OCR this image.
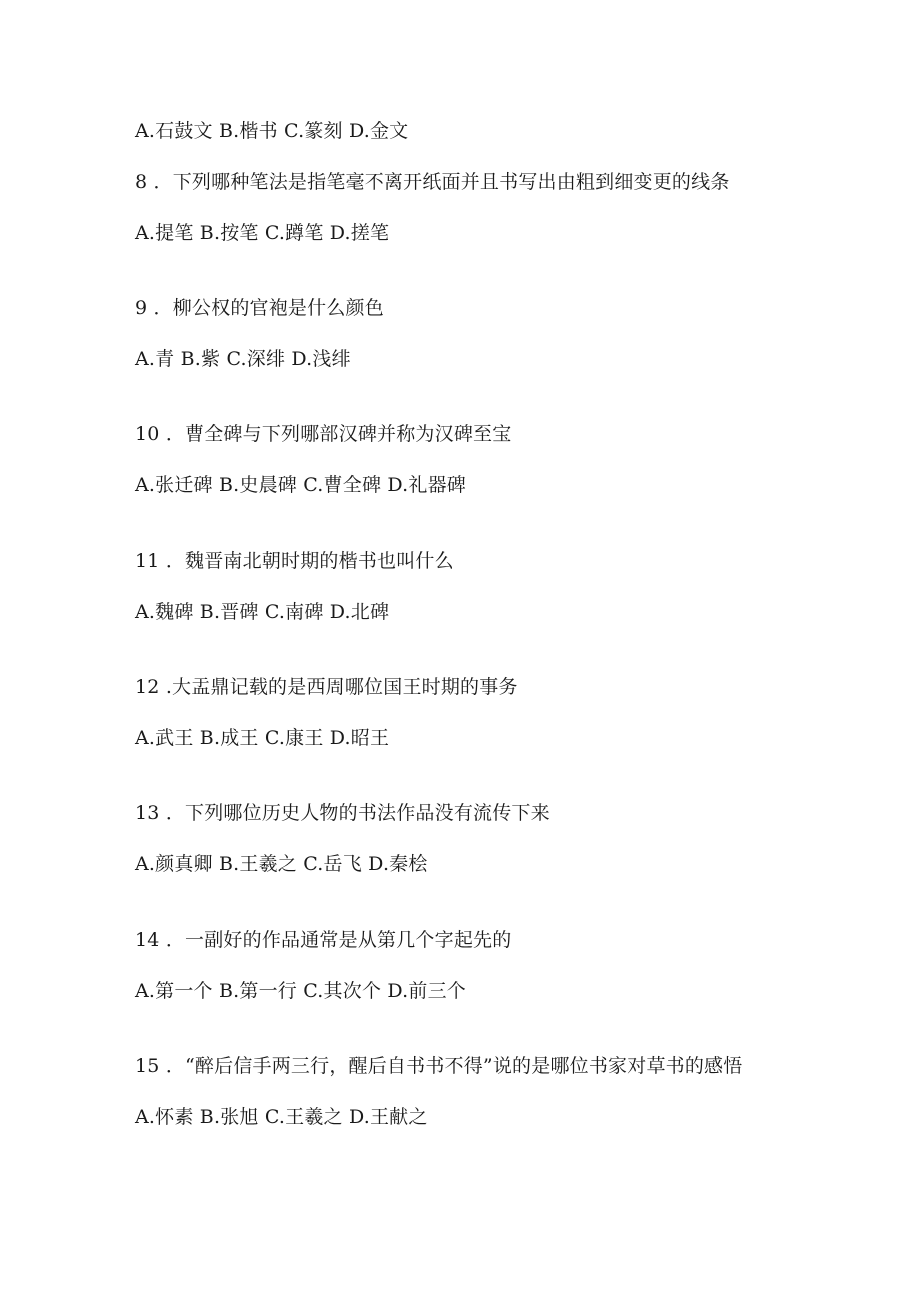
A.石鼓文 B.楷书 C.篆刻 D.金文
8 ．下列哪种笔法是指笔毫不离开纸面并且书写出由粗到细变更的线条
A.提笔 B.按笔 C.蹲笔 D.搓笔
9 ．柳公权的官袍是什么颜色
A.青 B.紫 C.深绯 D.浅绯
10 ．曹全碑与下列哪部汉碑并称为汉碑至宝
A.张迁碑 B.史晨碑 C.曹全碑 D.礼器碑
11 ．魏晋南北朝时期的楷书也叫什么
A.魏碑 B.晋碑 C.南碑 D.北碑
12 .大盂鼎记载的是西周哪位国王时期的事务
A.武王 B.成王 C.康王 D.昭王
13 ．下列哪位历史人物的书法作品没有流传下来
A.颜真卿 B.王羲之 C.岳飞 D.秦桧
14 ．一副好的作品通常是从第几个字起先的
A.第一个 B.第一行 C.其次个 D.前三个
15 ．“醉后信手两三行，醒后自书书不得”说的是哪位书家对草书的感悟
A.怀素 B.张旭 C.王羲之 D.王献之
